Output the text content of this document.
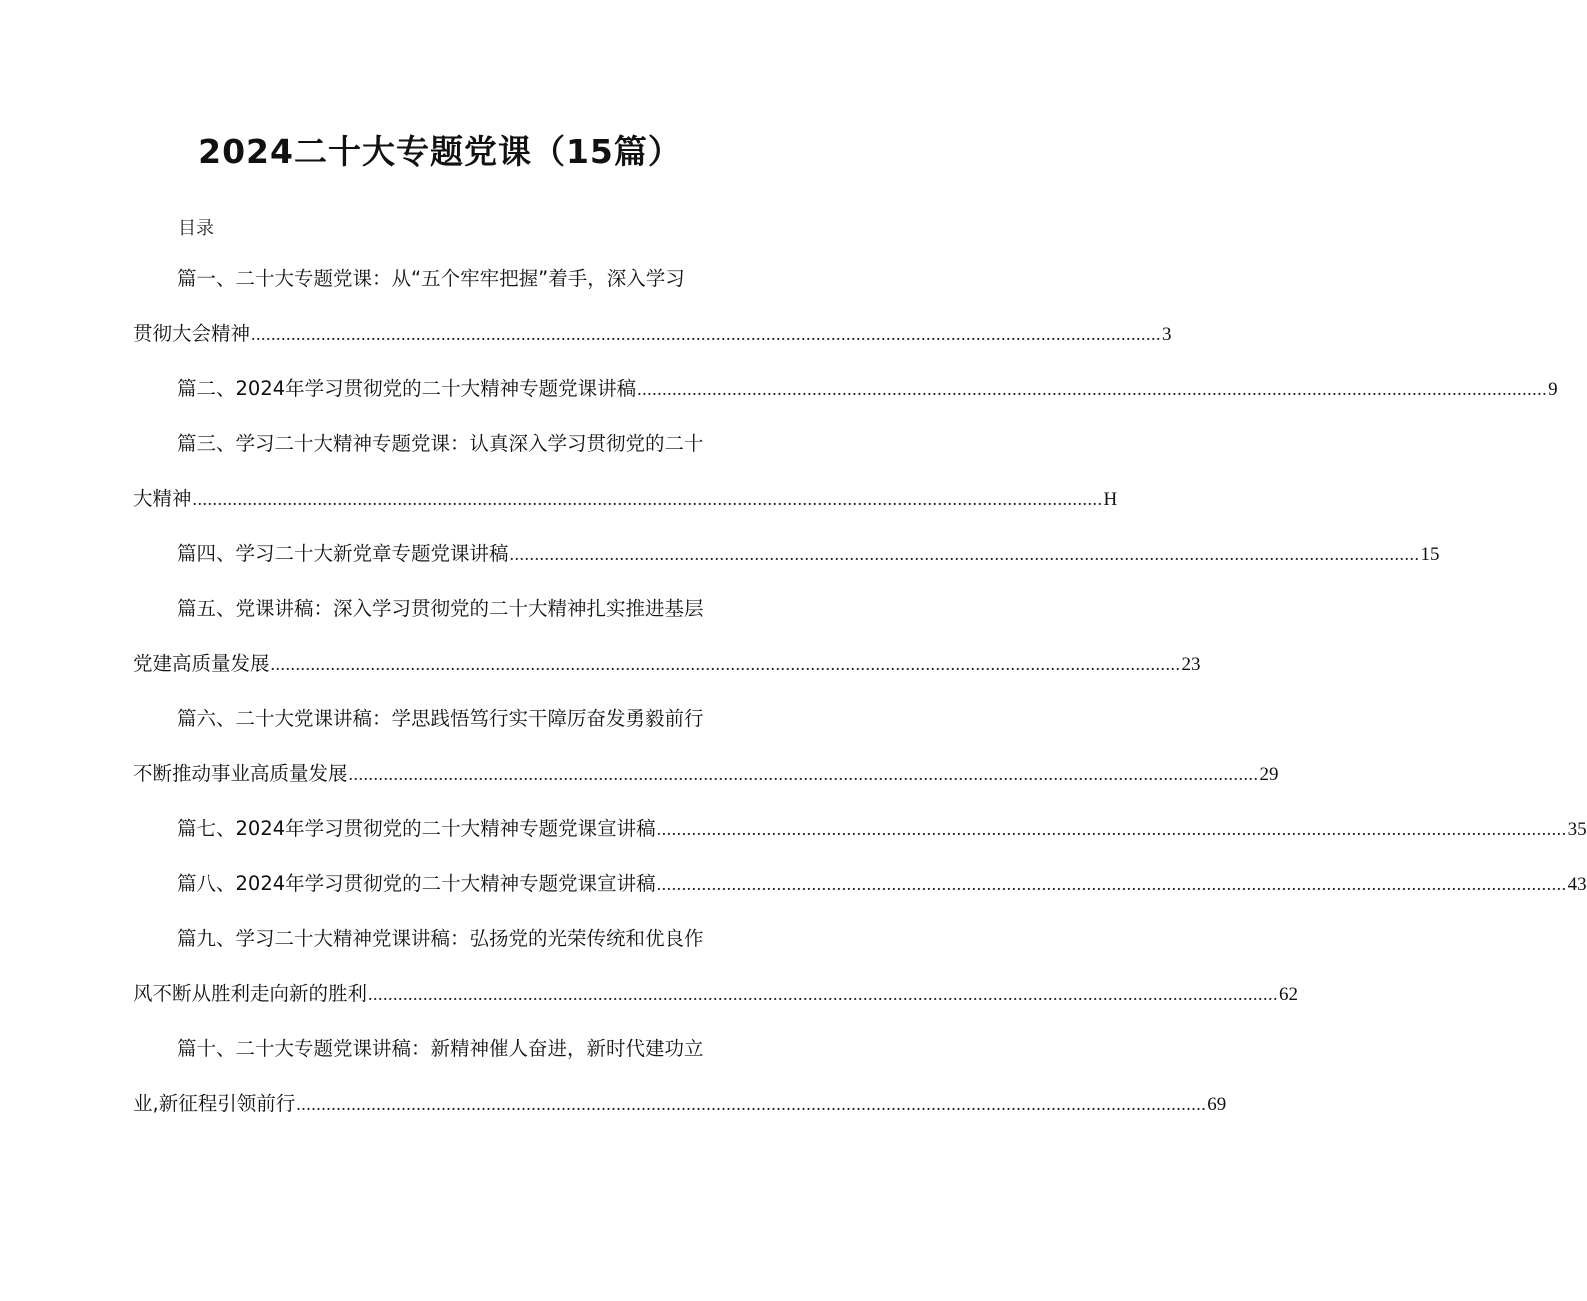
2024二十大专题党课（15篇）
目录
篇一、二十大专题党课：从“五个牢牢把握”着手，深入学习
贯彻大会精神 ...................................................................................................................................................................................... 3
篇二、2024年学习贯彻党的二十大精神专题党课讲稿 ...................................................................................................................................................................................... 9
篇三、学习二十大精神专题党课：认真深入学习贯彻党的二十
大精神 ...................................................................................................................................................................................... H
篇四、学习二十大新党章专题党课讲稿 ...................................................................................................................................................................................... 15
篇五、党课讲稿：深入学习贯彻党的二十大精神扎实推进基层
党建高质量发展 ...................................................................................................................................................................................... 23
篇六、二十大党课讲稿：学思践悟笃行实干障厉奋发勇毅前行
不断推动事业高质量发展 ...................................................................................................................................................................................... 29
篇七、2024年学习贯彻党的二十大精神专题党课宣讲稿 ...................................................................................................................................................................................... 35
篇八、2024年学习贯彻党的二十大精神专题党课宣讲稿 ...................................................................................................................................................................................... 43
篇九、学习二十大精神党课讲稿：弘扬党的光荣传统和优良作
风不断从胜利走向新的胜利 ...................................................................................................................................................................................... 62
篇十、二十大专题党课讲稿：新精神催人奋进，新时代建功立
业,新征程引领前行 ...................................................................................................................................................................................... 69
